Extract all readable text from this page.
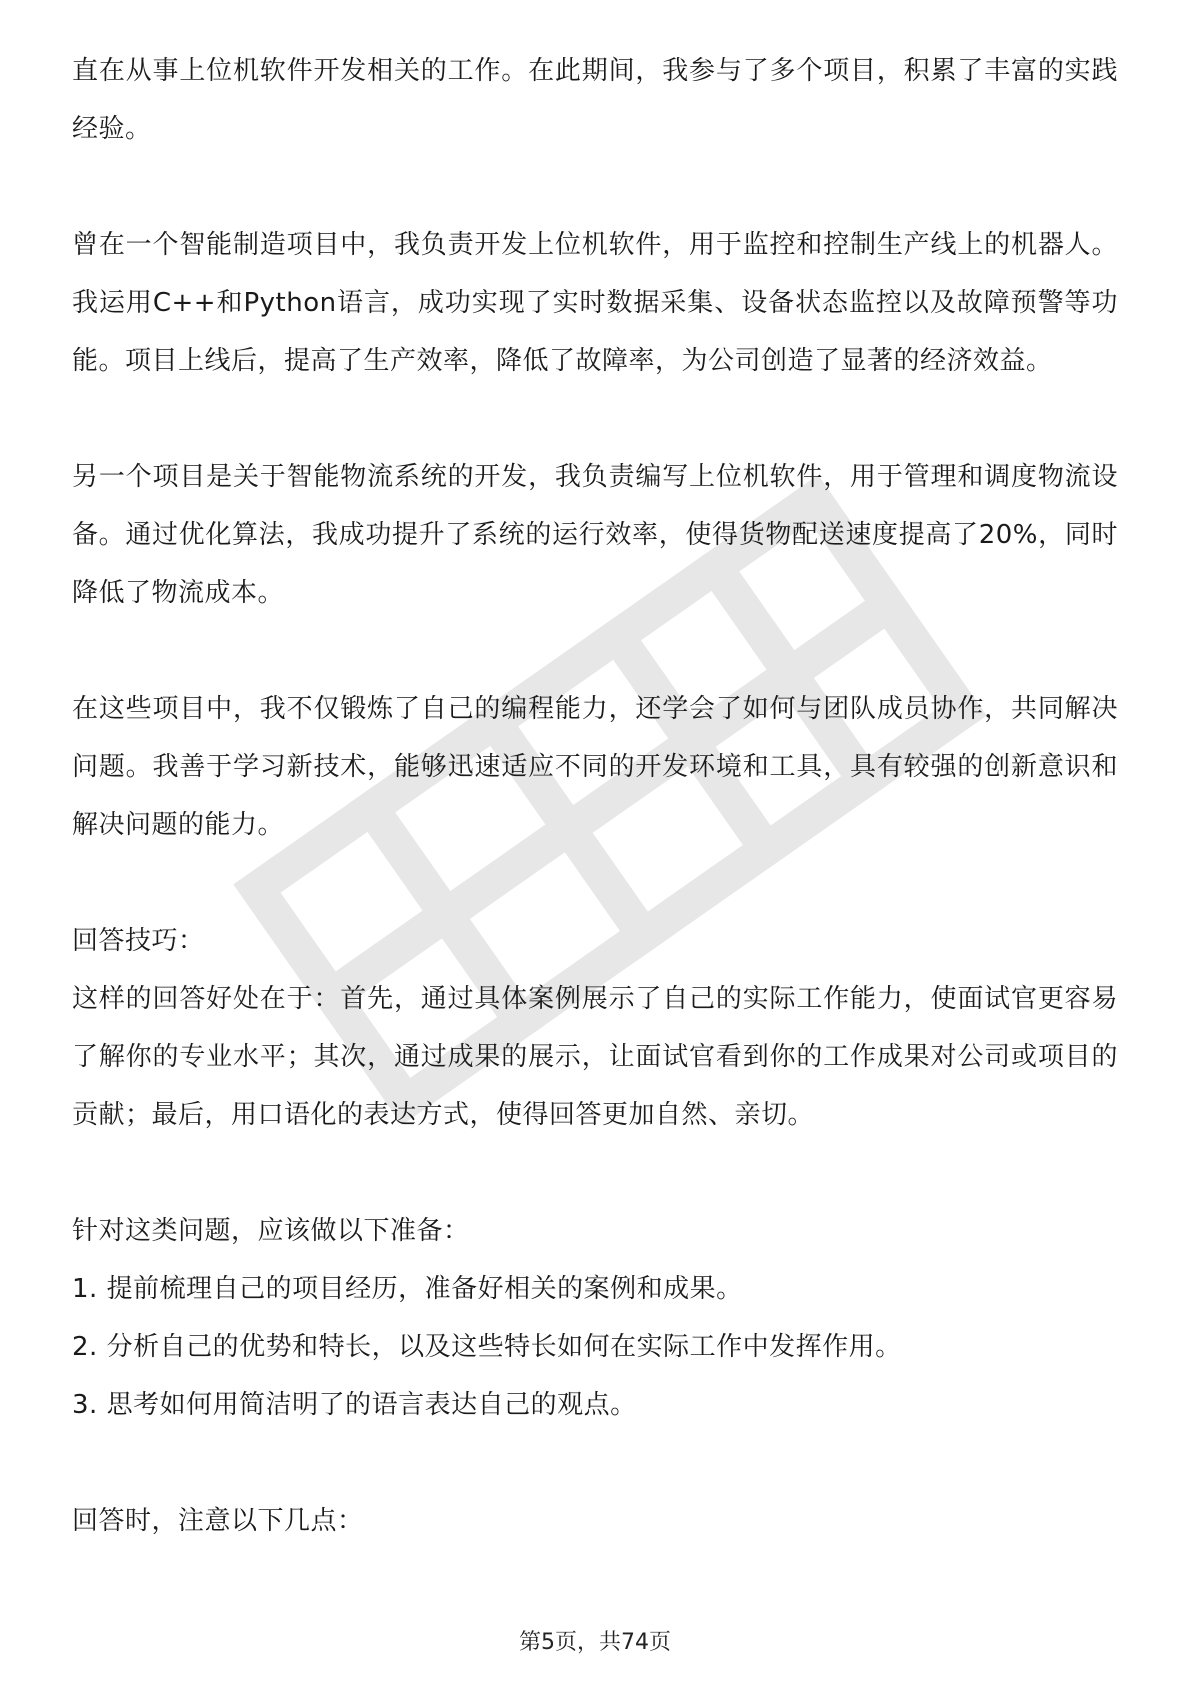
直在从事上位机软件开发相关的工作。在此期间，我参与了多个项目，积累了丰富的实践经验。

曾在一个智能制造项目中，我负责开发上位机软件，用于监控和控制生产线上的机器人。我运用C++和Python语言，成功实现了实时数据采集、设备状态监控以及故障预警等功能。项目上线后，提高了生产效率，降低了故障率，为公司创造了显著的经济效益。

另一个项目是关于智能物流系统的开发，我负责编写上位机软件，用于管理和调度物流设备。通过优化算法，我成功提升了系统的运行效率，使得货物配送速度提高了20%，同时降低了物流成本。

在这些项目中，我不仅锻炼了自己的编程能力，还学会了如何与团队成员协作，共同解决问题。我善于学习新技术，能够迅速适应不同的开发环境和工具，具有较强的创新意识和解决问题的能力。

回答技巧：

这样的回答好处在于：首先，通过具体案例展示了自己的实际工作能力，使面试官更容易了解你的专业水平；其次，通过成果的展示，让面试官看到你的工作成果对公司或项目的贡献；最后，用口语化的表达方式，使得回答更加自然、亲切。

针对这类问题，应该做以下准备：

1. 提前梳理自己的项目经历，准备好相关的案例和成果。

2. 分析自己的优势和特长，以及这些特长如何在实际工作中发挥作用。

3. 思考如何用简洁明了的语言表达自己的观点。

回答时，注意以下几点：

第5页，共74页
